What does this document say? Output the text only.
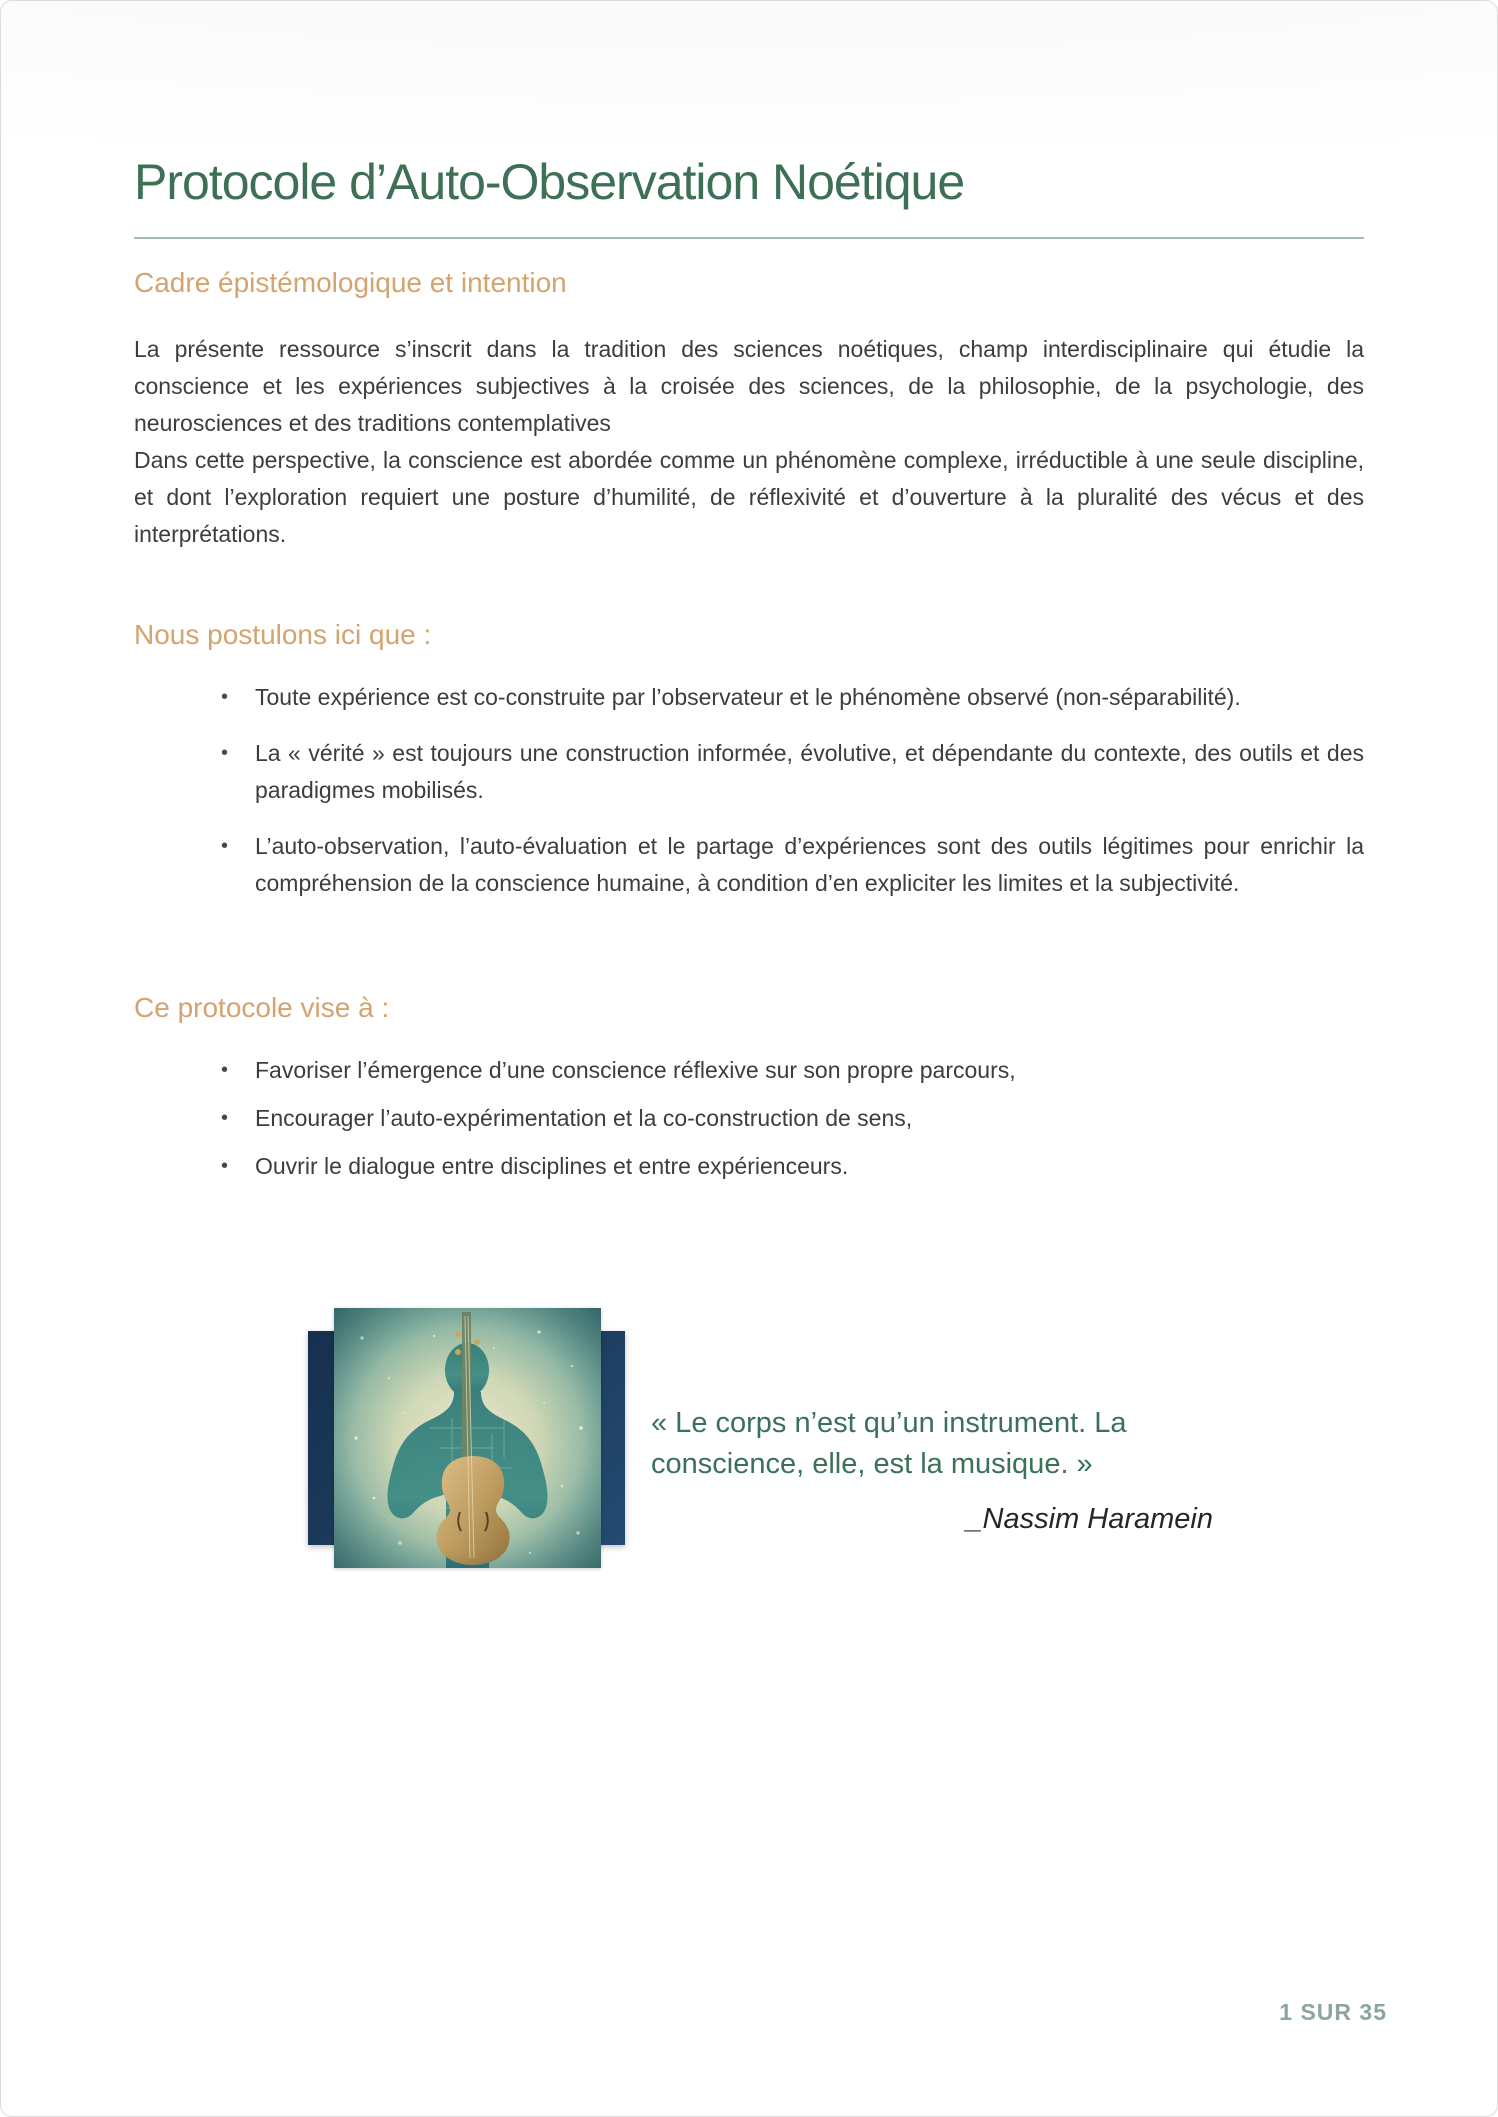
Protocole d’Auto-Observation Noétique
Cadre épistémologique et intention

La présente ressource s’inscrit dans la tradition des sciences noétiques, champ interdisciplinaire qui étudie la conscience et les expériences subjectives à la croisée des sciences, de la philosophie, de la psychologie, des neurosciences et des traditions contemplatives

Dans cette perspective, la conscience est abordée comme un phénomène complexe, irréductible à une seule discipline, et dont l’exploration requiert une posture d’humilité, de réflexivité et d’ouverture à la pluralité des vécus et des interprétations.

Nous postulons ici que :
• Toute expérience est co-construite par l’observateur et le phénomène observé (non-séparabilité).
• La « vérité » est toujours une construction informée, évolutive, et dépendante du contexte, des outils et des paradigmes mobilisés.
• L’auto-observation, l’auto-évaluation et le partage d’expériences sont des outils légitimes pour enrichir la compréhension de la conscience humaine, à condition d’en expliciter les limites et la subjectivité.
Ce protocole vise à :
• Favoriser l’émergence d’une conscience réflexive sur son propre parcours,
• Encourager l’auto-expérimentation et la co-construction de sens,
• Ouvrir le dialogue entre disciplines et entre expérienceurs.

« Le corps n’est qu’un instrument. La conscience, elle, est la musique. »

_Nassim Haramein

1 SUR 35
